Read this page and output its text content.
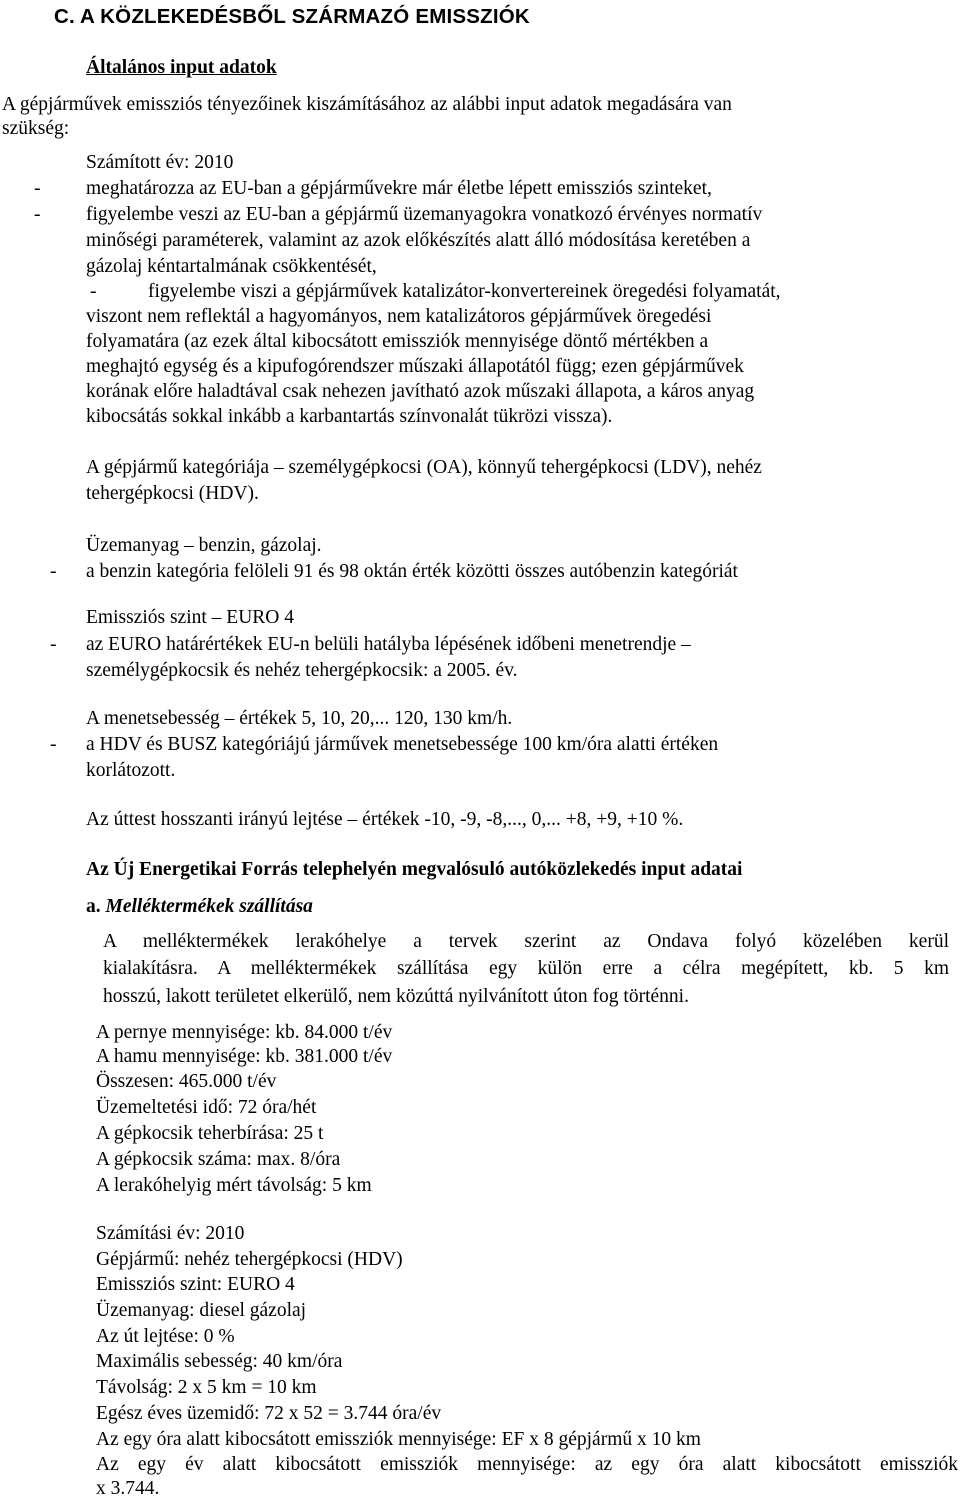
C. A KÖZLEKEDÉSBŐL SZÁRMAZÓ EMISSZIÓK
Általános input adatok
A gépjárművek emissziós tényezőinek kiszámításához az alábbi input adatok megadására van
szükség:
Számított év: 2010
- meghatározza az EU-ban a gépjárművekre már életbe lépett emissziós szinteket,
- figyelembe veszi az EU-ban a gépjármű üzemanyagokra vonatkozó érvényes normatív
minőségi paraméterek, valamint az azok előkészítés alatt álló módosítása keretében a
gázolaj kéntartalmának csökkentését,
-	figyelembe viszi a gépjárművek katalizátor-konvertereinek öregedési folyamatát,
viszont nem reflektál a hagyományos, nem katalizátoros gépjárművek öregedési
folyamatára (az ezek által kibocsátott emissziók mennyisége döntő mértékben a
meghajtó egység és a kipufogórendszer műszaki állapotától függ; ezen gépjárművek
korának előre haladtával csak nehezen javítható azok műszaki állapota, a káros anyag
kibocsátás sokkal inkább a karbantartás színvonalát tükrözi vissza).
A gépjármű kategóriája – személygépkocsi (OA), könnyű tehergépkocsi (LDV), nehéz
tehergépkocsi (HDV).
Üzemanyag – benzin, gázolaj.
- a benzin kategória felöleli 91 és 98 oktán érték közötti összes autóbenzin kategóriát
Emissziós szint – EURO 4
- az EURO határértékek EU-n belüli hatályba lépésének időbeni menetrendje –
személygépkocsik és nehéz tehergépkocsik: a 2005. év.
A menetsebesség – értékek 5, 10, 20,... 120, 130 km/h.
- a HDV és BUSZ kategóriájú járművek menetsebessége 100 km/óra alatti értéken
korlátozott.
Az úttest hosszanti irányú lejtése – értékek -10, -9, -8,..., 0,... +8, +9, +10 %.
Az Új Energetikai Forrás telephelyén megvalósuló autóközlekedés input adatai
a. Melléktermékek szállítása
A melléktermékek lerakóhelye a tervek szerint az Ondava folyó közelében kerül
kialakításra. A melléktermékek szállítása egy külön erre a célra megépített, kb. 5 km
hosszú, lakott területet elkerülő, nem közúttá nyilvánított úton fog történni.
A pernye mennyisége: kb. 84.000 t/év
A hamu mennyisége: kb. 381.000 t/év
Összesen: 465.000 t/év
Üzemeltetési idő: 72 óra/hét
A gépkocsik teherbírása: 25 t
A gépkocsik száma: max. 8/óra
A lerakóhelyig mért távolság: 5 km
Számítási év: 2010
Gépjármű: nehéz tehergépkocsi (HDV)
Emissziós szint: EURO 4
Üzemanyag: diesel gázolaj
Az út lejtése: 0 %
Maximális sebesség: 40 km/óra
Távolság: 2 x 5 km = 10 km
Egész éves üzemidő: 72 x 52 = 3.744 óra/év
Az egy óra alatt kibocsátott emissziók mennyisége: EF x 8 gépjármű x 10 km
Az egy év alatt kibocsátott emissziók mennyisége: az egy óra alatt kibocsátott emissziók
x 3.744.
